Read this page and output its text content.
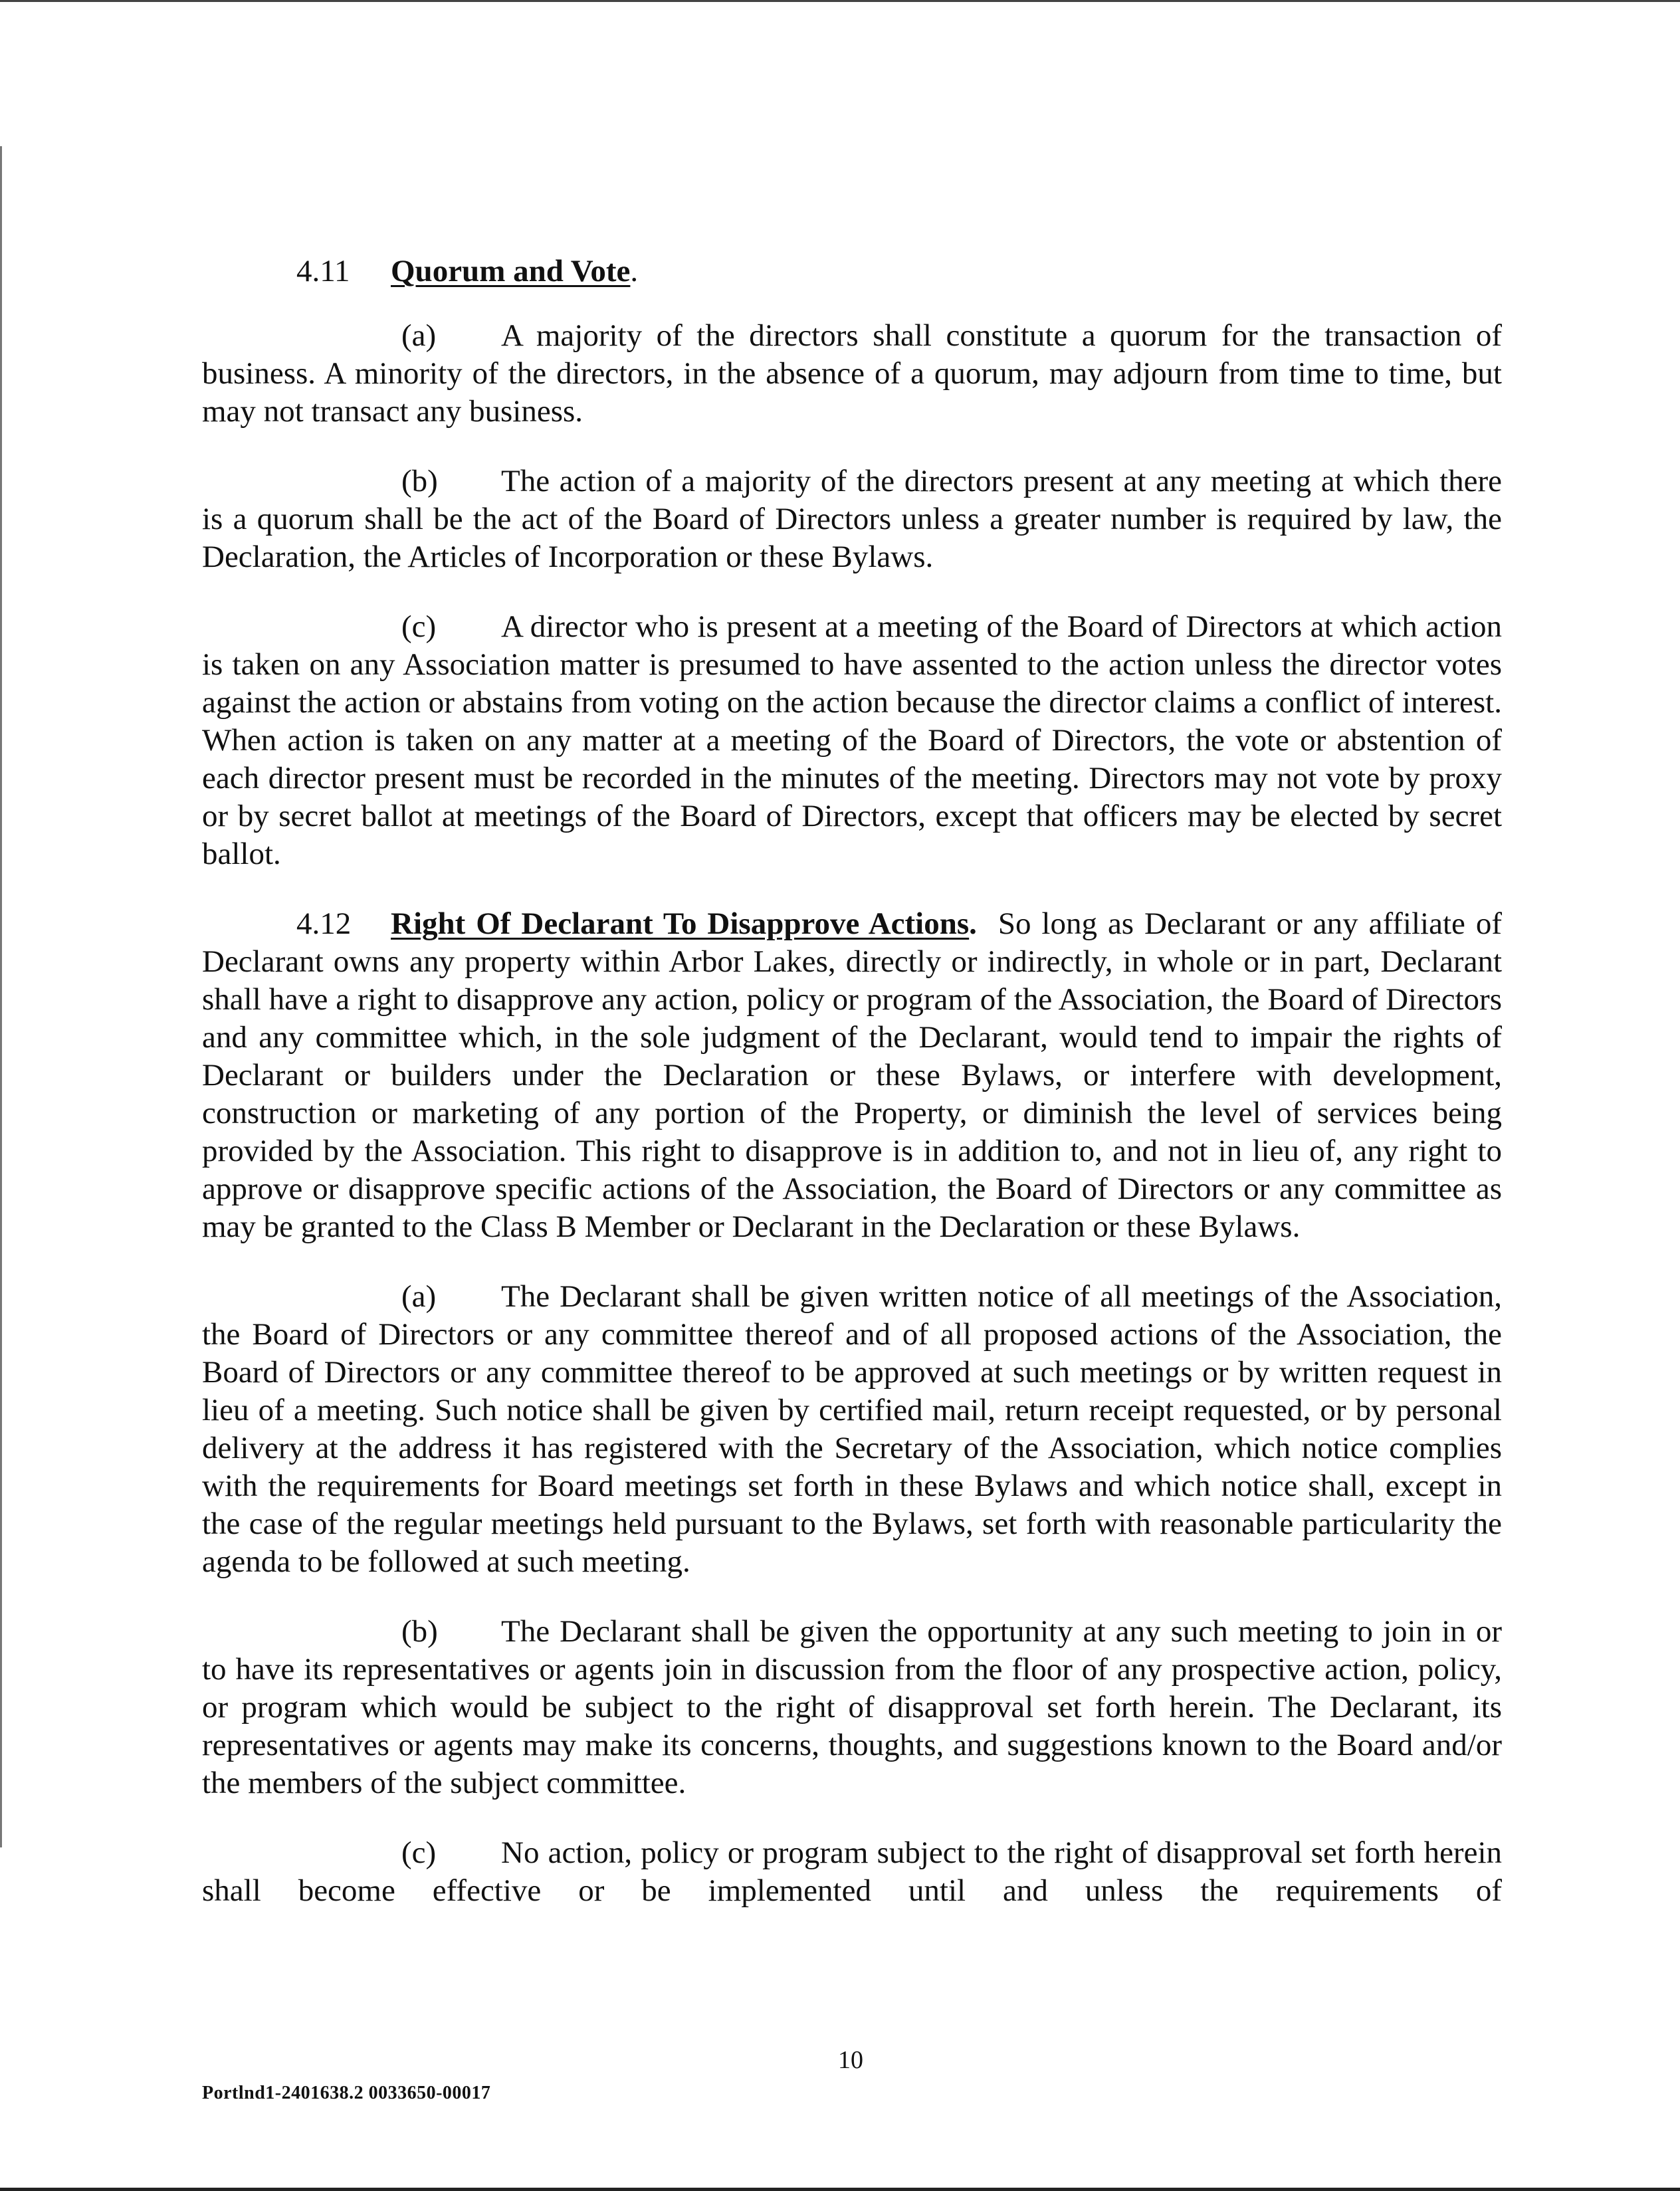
4.11 Quorum and Vote.

(a) A majority of the directors shall constitute a quorum for the transaction of business. A minority of the directors, in the absence of a quorum, may adjourn from time to time, but may not transact any business.

(b) The action of a majority of the directors present at any meeting at which there is a quorum shall be the act of the Board of Directors unless a greater number is required by law, the Declaration, the Articles of Incorporation or these Bylaws.

(c) A director who is present at a meeting of the Board of Directors at which action is taken on any Association matter is presumed to have assented to the action unless the director votes against the action or abstains from voting on the action because the director claims a conflict of interest. When action is taken on any matter at a meeting of the Board of Directors, the vote or abstention of each director present must be recorded in the minutes of the meeting. Directors may not vote by proxy or by secret ballot at meetings of the Board of Directors, except that officers may be elected by secret ballot.

4.12 Right Of Declarant To Disapprove Actions. So long as Declarant or any affiliate of Declarant owns any property within Arbor Lakes, directly or indirectly, in whole or in part, Declarant shall have a right to disapprove any action, policy or program of the Association, the Board of Directors and any committee which, in the sole judgment of the Declarant, would tend to impair the rights of Declarant or builders under the Declaration or these Bylaws, or interfere with development, construction or marketing of any portion of the Property, or diminish the level of services being provided by the Association. This right to disapprove is in addition to, and not in lieu of, any right to approve or disapprove specific actions of the Association, the Board of Directors or any committee as may be granted to the Class B Member or Declarant in the Declaration or these Bylaws.

(a) The Declarant shall be given written notice of all meetings of the Association, the Board of Directors or any committee thereof and of all proposed actions of the Association, the Board of Directors or any committee thereof to be approved at such meetings or by written request in lieu of a meeting. Such notice shall be given by certified mail, return receipt requested, or by personal delivery at the address it has registered with the Secretary of the Association, which notice complies with the requirements for Board meetings set forth in these Bylaws and which notice shall, except in the case of the regular meetings held pursuant to the Bylaws, set forth with reasonable particularity the agenda to be followed at such meeting.

(b) The Declarant shall be given the opportunity at any such meeting to join in or to have its representatives or agents join in discussion from the floor of any prospective action, policy, or program which would be subject to the right of disapproval set forth herein. The Declarant, its representatives or agents may make its concerns, thoughts, and suggestions known to the Board and/or the members of the subject committee.

(c) No action, policy or program subject to the right of disapproval set forth herein shall become effective or be implemented until and unless the requirements of

10
Portlnd1-2401638.2 0033650-00017
